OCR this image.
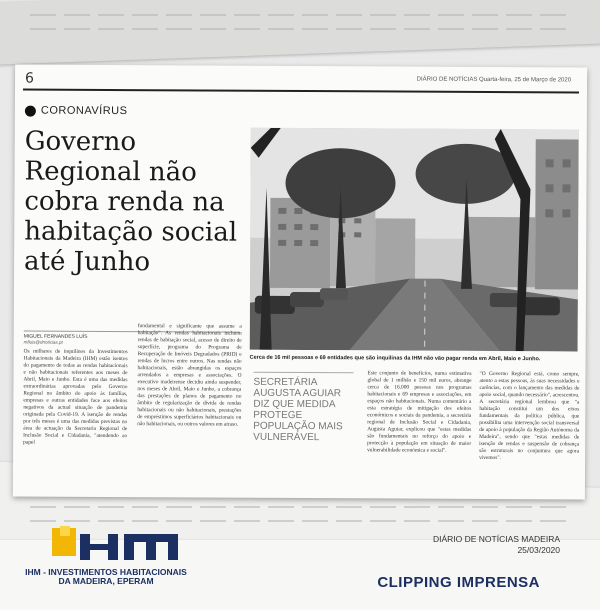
6	DIÁRIO DE NOTÍCIAS Quarta-feira, 25 de Março de 2020
CORONAVÍRUS
Governo Regional não cobra renda na habitação social até Junho
Cerca de 16 mil pessoas e 69 entidades que são inquilinas da IHM não vão pagar renda em Abril, Maio e Junho.
MIGUEL FERNANDES LUÍS
mfluis@dnoticias.pt
Os milhares de inquilinos da Investimentos Habitacionais da Madeira (IHM) estão isentos do pagamento de todas as rendas habitacionais e não habitacionais referentes aos meses de Abril, Maio e Junho. Esta é uma das medidas extraordinárias aprovadas pelo Governo Regional no âmbito do apoio às famílias, empresas e outras entidades face aos efeitos negativos da actual situação de pandemia originada pela Covid-19. A isenção de rendas por três meses é uma das medidas previstas no área de actuação da Secretaria Regional de Inclusão Social e Cidadania, "atendendo ao papel
fundamental e significante que assume a habitação". As rendas habitacionais incluem rendas de habitação social, acesso de direito de superfície, programa do Programa de Recuperação de Imóveis Degradados (PRID) e rendas de lucros entre outros. Nas rendas não habitacionais, estão abrangidas os espaços arrendados a empresas e associações. O executivo madeirense decidiu ainda suspender, nos meses de Abril, Maio e Junho, a cobrança das prestações de planos de pagamento no âmbito de regularização de dívida de rendas habitacionais ou não habitacionais, prestações de empréstimos superficiários habitacionais ou não habitacionais, ou outros valores em atraso.
SECRETÁRIA AUGUSTA AGUIAR DIZ QUE MEDIDA PROTEGE POPULAÇÃO MAIS VULNERÁVEL
Este conjunto de benefícios, numa estimativa global de 1 milhão e 150 mil euros, abrange cerca de 16.000 pessoas nos programas habitacionais e 69 empresas e associações, em espaços não habitacionais. Numa comentário a esta estratégia de mitigação dos efeitos económicos e sociais da pandemia, a secretária regional de Inclusão Social e Cidadania, Augusta Aguiar, explicou que "estas medidas são fundamentais no reforço do apoio e protecção à população em situação de maior vulnerabilidade económica e social".
"O Governo Regional está, como sempre, atento a estas pessoas, às suas necessidades e carências, com o lançamento das medidas de apoio social, quando necessário", acrescentou. A secretária regional lembrou que "a habitação constitui um dos eixos fundamentais da política pública, que possibilita uma intervenção social transversal de apoio à população da Região Autónoma da Madeira", sendo que "estas medidas de isenção de rendas e suspensão de cobrança são estruturais no conjuntura que agora vivemos".
IHM - INVESTIMENTOS HABITACIONAIS
DA MADEIRA, EPERAM
DIÁRIO DE NOTÍCIAS MADEIRA
25/03/2020
CLIPPING IMPRENSA
